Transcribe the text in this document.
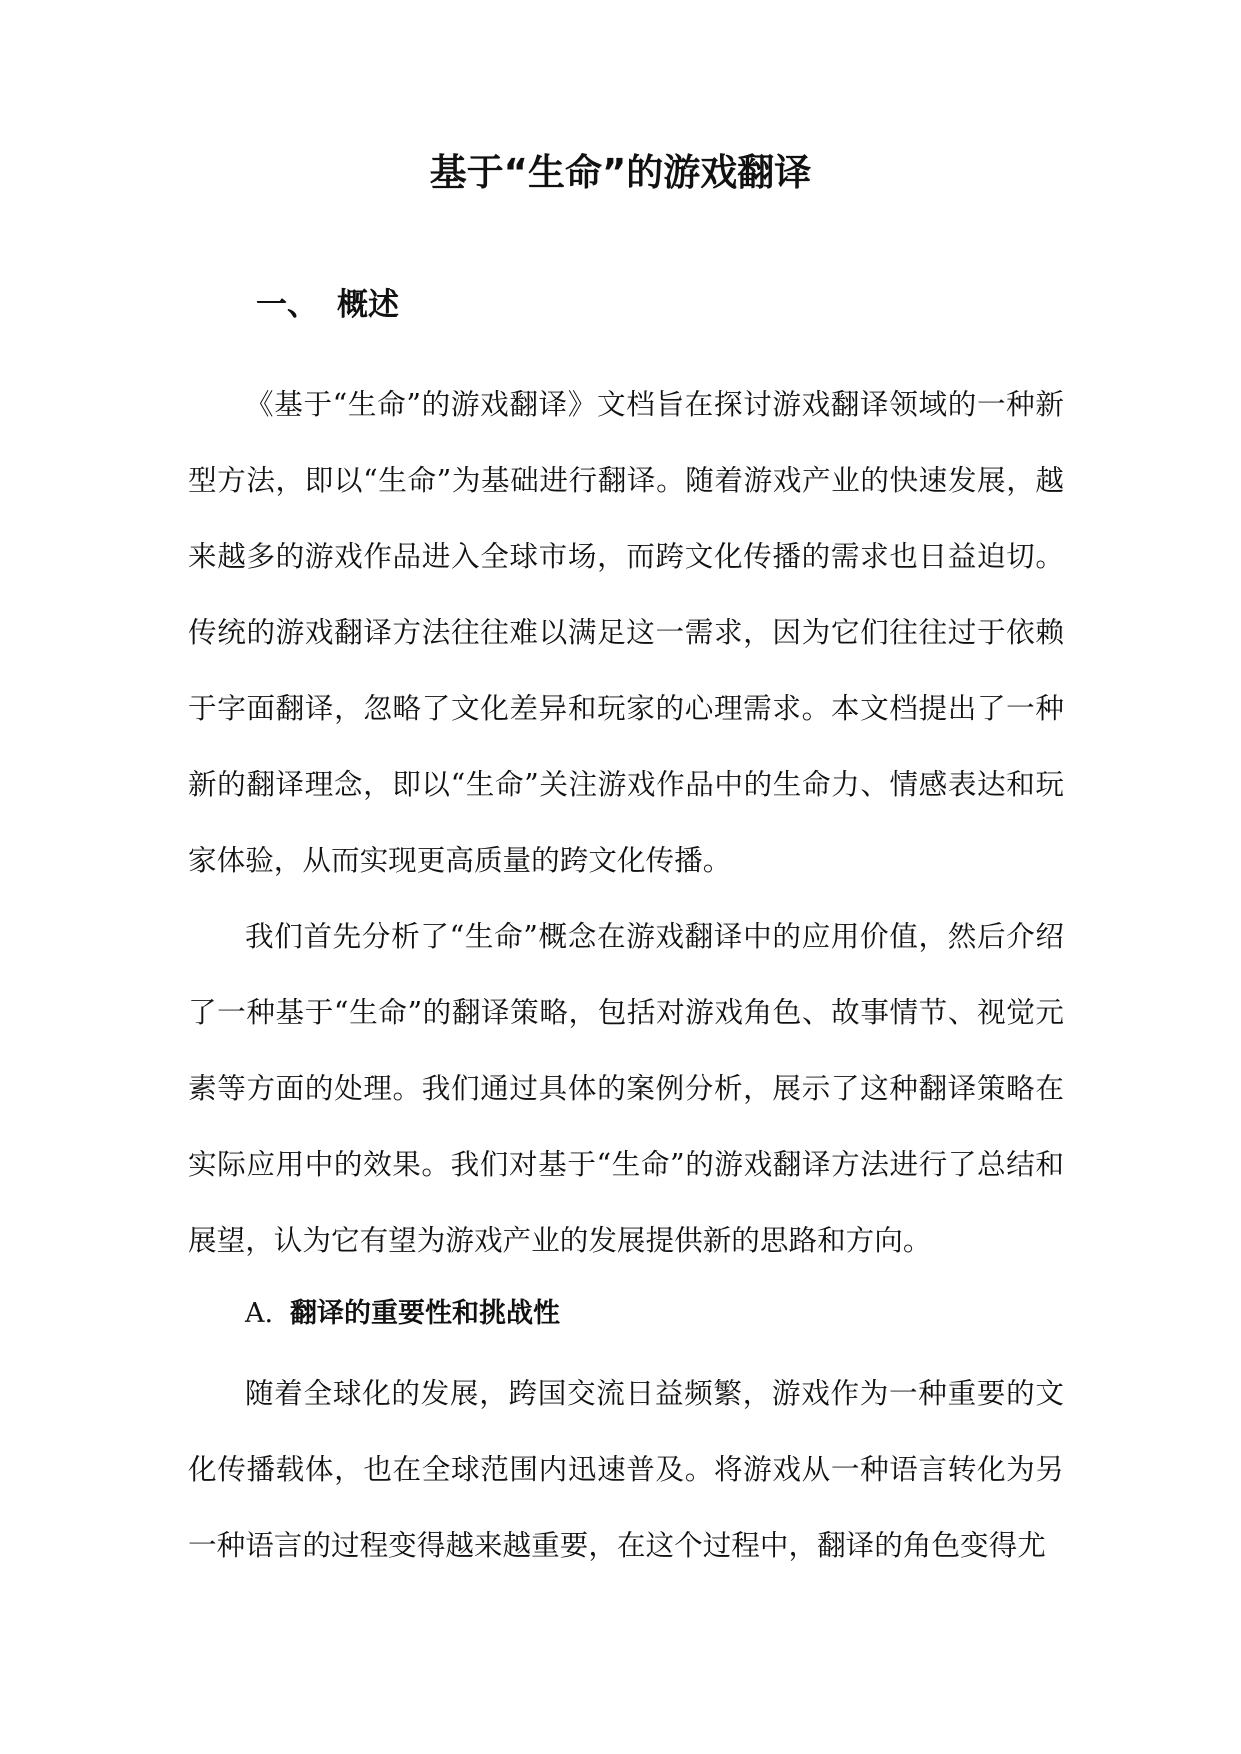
基于“生命”的游戏翻译
一、 概述

《基于“生命”的游戏翻译》文档旨在探讨游戏翻译领域的一种新型方法，即以“生命”为基础进行翻译。随着游戏产业的快速发展，越来越多的游戏作品进入全球市场，而跨文化传播的需求也日益迫切。传统的游戏翻译方法往往难以满足这一需求，因为它们往往过于依赖于字面翻译，忽略了文化差异和玩家的心理需求。本文档提出了一种新的翻译理念，即以“生命”关注游戏作品中的生命力、情感表达和玩家体验，从而实现更高质量的跨文化传播。

我们首先分析了“生命”概念在游戏翻译中的应用价值，然后介绍了一种基于“生命”的翻译策略，包括对游戏角色、故事情节、视觉元素等方面的处理。我们通过具体的案例分析，展示了这种翻译策略在实际应用中的效果。我们对基于“生命”的游戏翻译方法进行了总结和展望，认为它有望为游戏产业的发展提供新的思路和方向。

A. 翻译的重要性和挑战性

随着全球化的发展，跨国交流日益频繁，游戏作为一种重要的文化传播载体，也在全球范围内迅速普及。将游戏从一种语言转化为另一种语言的过程变得越来越重要，在这个过程中，翻译的角色变得尤
